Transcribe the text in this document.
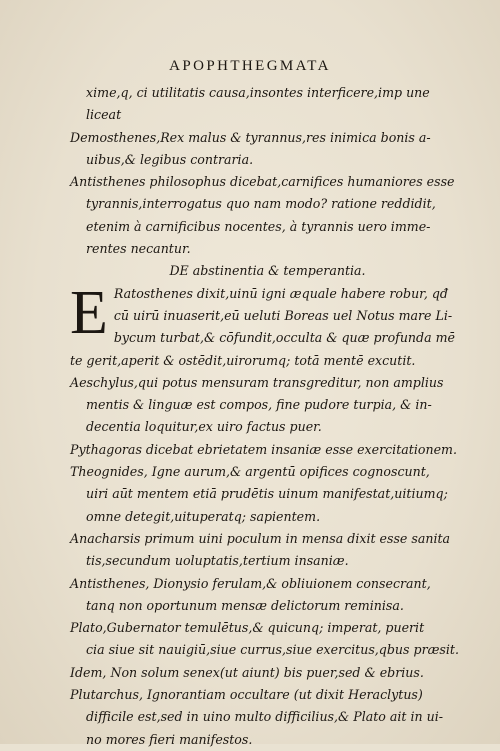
APOPHTHEGMATA

xime,q, ci utilitatis causa,insontes interficere,imp une liceat

Demosthenes,Rex malus & tyrannus,res inimica bonis a-

uibus,& legibus contraria.

Antisthenes philosophus dicebat,carnifices humaniores esse

tyrannis,interrogatus quo nam modo? ratione reddidit,

etenim à carnificibus nocentes, à tyrannis uero imme-

rentes necantur.

DE abstinentia & temperantia.

E Ratosthenes dixit,uinū igni æquale habere robur, qđ

cū uirū inuaserit,eū ueluti Boreas uel Notus mare Li-

bycum turbat,& cōfundit,occulta & quæ profunda mē

te gerit,aperit & ostēdit,uirorumq; totā mentē excutit.

Aeschylus,qui potus mensuram transgreditur, non amplius

mentis & linguæ est compos, fine pudore turpia, & in-

decentia loquitur,ex uiro factus puer.

Pythagoras dicebat ebrietatem insaniæ esse exercitationem.

Theognides, Igne aurum,& argentū opifices cognoscunt,

uiri aūt mentem etiā prudētis uinum manifestat,uitiumq;

omne detegit,uituperatq; sapientem.

Anacharsis primum uini poculum in mensa dixit esse sanita

tis,secundum uoluptatis,tertium insaniæ.

Antisthenes, Dionysio ferulam,& obliuionem consecrant,

tanq non oportunum mensæ delictorum reminisa.

Plato,Gubernator temulētus,& quicunq; imperat, puerit

cia siue sit nauigiū,siue currus,siue exercitus,qbus præsit.

Idem, Non solum senex(ut aiunt) bis puer,sed & ebrius.

Plutarchus, Ignorantiam occultare (ut dixit Heraclytus)

difficile est,sed in uino multo difficilius,& Plato ait in ui-

no mores fieri manifestos.
